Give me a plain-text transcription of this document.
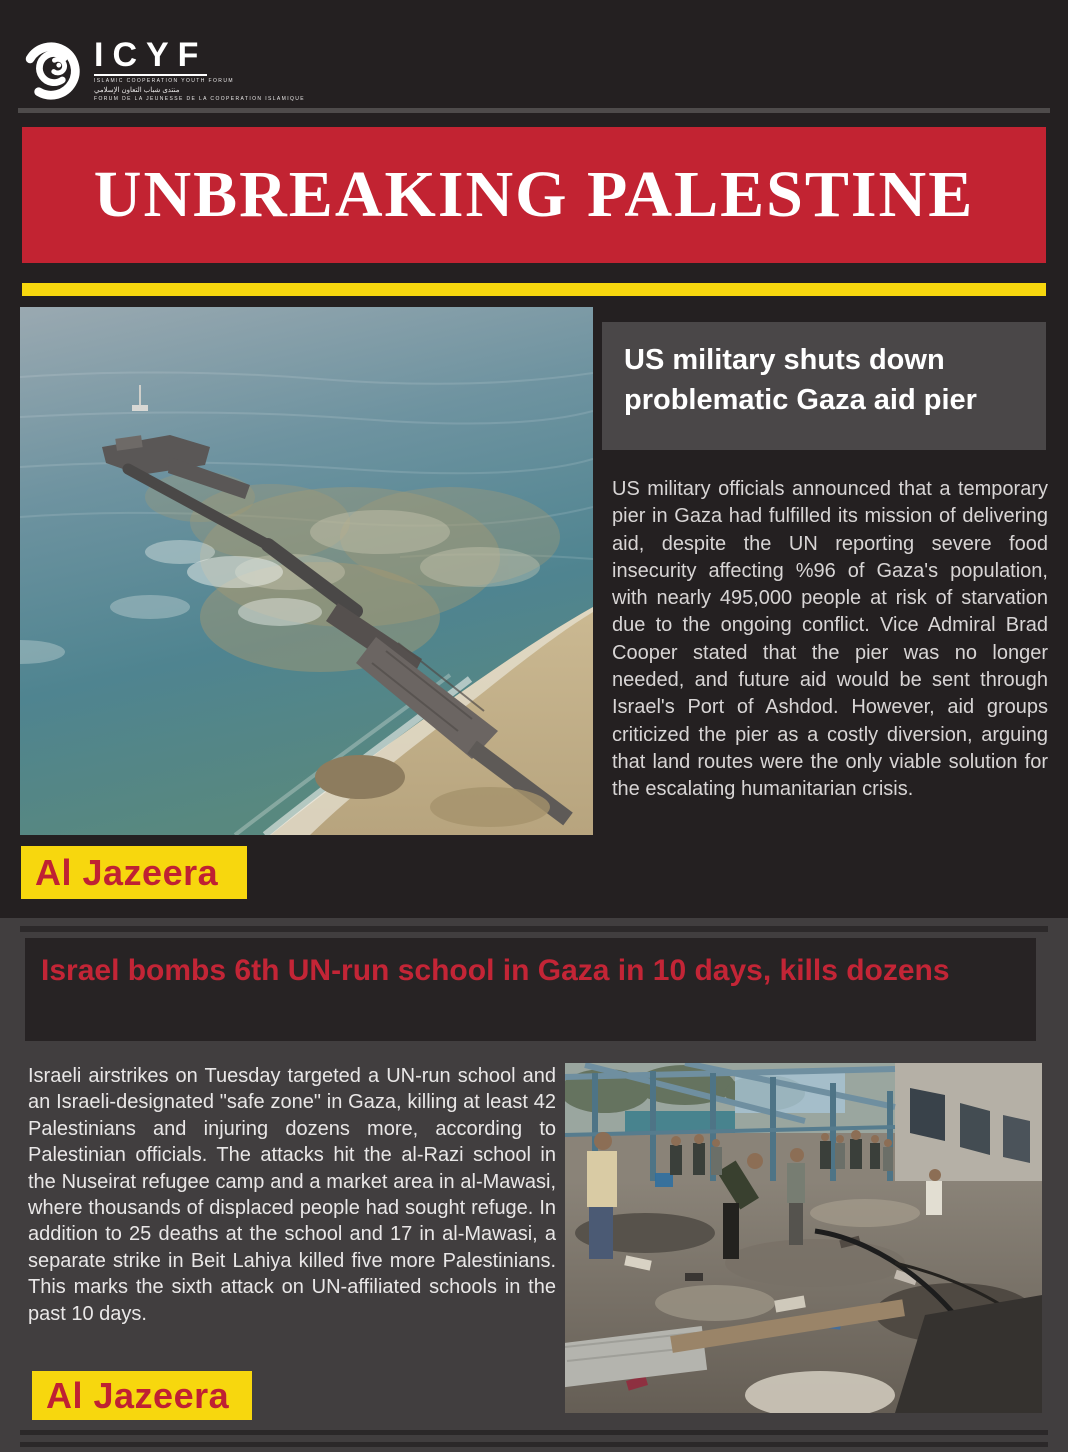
ICYF
ISLAMIC COOPERATION YOUTH FORUM
منتدى شباب التعاون الإسلامي
FORUM DE LA JEUNESSE DE LA COOPERATION ISLAMIQUE
UNBREAKING PALESTINE
US military shuts down problematic Gaza aid pier
US military officials announced that a temporary pier in Gaza had fulfilled its mission of delivering aid, despite the UN reporting severe food insecurity affecting %96 of Gaza's population, with nearly 495,000 people at risk of starvation due to the ongoing conflict. Vice Admiral Brad Cooper stated that the pier was no longer needed, and future aid would be sent through Israel's Port of Ashdod. However, aid groups criticized the pier as a costly diversion, arguing that land routes were the only viable solution for the escalating humanitarian crisis.
Al Jazeera
Israel bombs 6th UN-run school in Gaza in 10 days, kills dozens
Israeli airstrikes on Tuesday targeted a UN-run school and an Israeli-designated "safe zone" in Gaza, killing at least 42 Palestinians and injuring dozens more, according to Palestinian officials. The attacks hit the al-Razi school in the Nuseirat refugee camp and a market area in al-Mawasi, where thousands of displaced people had sought refuge. In addition to 25 deaths at the school and 17 in al-Mawasi, a separate strike in Beit Lahiya killed five more Palestinians. This marks the sixth attack on UN-affiliated schools in the past 10 days.
Al Jazeera
